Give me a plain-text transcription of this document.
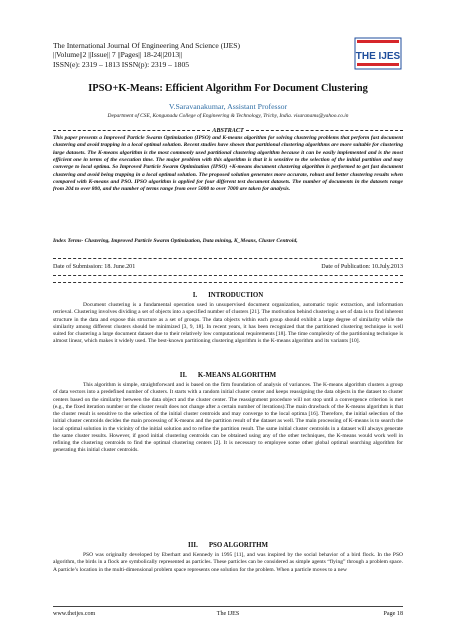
The International Journal Of Engineering And Science (IJES)
||Volume||2 ||Issue|| 7 ||Pages|| 18-24||2013||
ISSN(e): 2319 – 1813 ISSN(p): 2319 – 1805
THE IJES
IPSO+K-Means: Efficient Algorithm For Document Clustering
V.Saravanakumar, Assistant Professor
Department of CSE, Kongunadu College of Engineering & Technology, Trichy, India. visaranams@yahoo.co.in
ABSTRACT
This paper presents a Improved Particle Swarm Optimization (IPSO) and K-means algorithm for solving clustering problems that perform fast document clustering and avoid trapping in a local optimal solution. Recent studies have shown that partitional clustering algorithms are more suitable for clustering large datasets. The K-means algorithm is the most commonly used partitional clustering algorithm because it can be easily implemented and is the most efficient one in terms of the execution time. The major problem with this algorithm is that it is sensitive to the selection of the initial partition and may converge to local optima. So Improved Particle Swarm Optimization (IPSO) +K-means document clustering algorithm is performed to get fast document clustering and avoid being trapping in a local optimal solution. The proposed solution generates more accurate, robust and better clustering results when compared with K-means and PSO. IPSO algorithm is applied for four different test document datasets. The number of documents in the datasets range from 204 to over 800, and the number of terms range from over 5000 to over 7000 are taken for analysis.
Index Terms- Clustering, Improved Particle Swarm Optimization, Data mining, K_Means, Cluster Centroid,
Date of Submission: 18. June.201	Date of Publication: 10.July.2013
I. INTRODUCTION
Document clustering is a fundamental operation used in unsupervised document organization, automatic topic extraction, and information retrieval. Clustering involves dividing a set of objects into a specified number of clusters [21]. The motivation behind clustering a set of data is to find inherent structure in the data and expose this structure as a set of groups. The data objects within each group should exhibit a large degree of similarity while the similarity among different clusters should be minimized [3, 9, 18]. In recent years, it has been recognized that the partitioned clustering technique is well suited for clustering a large document dataset due to their relatively low computational requirements [18]. The time complexity of the partitioning technique is almost linear, which makes it widely used. The best-known partitioning clustering algorithm is the K-means algorithm and its variants [10].
II. K-MEANS ALGORITHM
This algorithm is simple, straightforward and is based on the firm foundation of analysis of variances. The K-means algorithm clusters a group of data vectors into a predefined number of clusters. It starts with a random initial cluster center and keeps reassigning the data objects in the dataset to cluster centers based on the similarity between the data object and the cluster center. The reassignment procedure will not stop until a convergence criterion is met (e.g., the fixed iteration number or the cluster result does not change after a certain number of iterations).The main drawback of the K-means algorithm is that the cluster result is sensitive to the selection of the initial cluster centroids and may converge to the local optima [16]. Therefore, the initial selection of the initial cluster centroids decides the main processing of K-means and the partition result of the dataset as well. The main processing of K-means is to search the local optimal solution in the vicinity of the initial solution and to refine the partition result. The same initial cluster centroids in a dataset will always generate the same cluster results. However, if good initial clustering centroids can be obtained using any of the other techniques, the K-means would work well in refining the clustering centroids to find the optimal clustering centers [2]. It is necessary to employee some other global optimal searching algorithm for generating this initial cluster centroids.
III. PSO ALGORITHM
PSO was originally developed by Eberhart and Kennedy in 1995 [11], and was inspired by the social behavior of a bird flock. In the PSO algorithm, the birds in a flock are symbolically represented as particles. These particles can be considered as simple agents “flying” through a problem space. A particle’s location in the multi-dimensional problem space represents one solution for the problem. When a particle moves to a new
www.theijes.com	The IJES	Page 18
